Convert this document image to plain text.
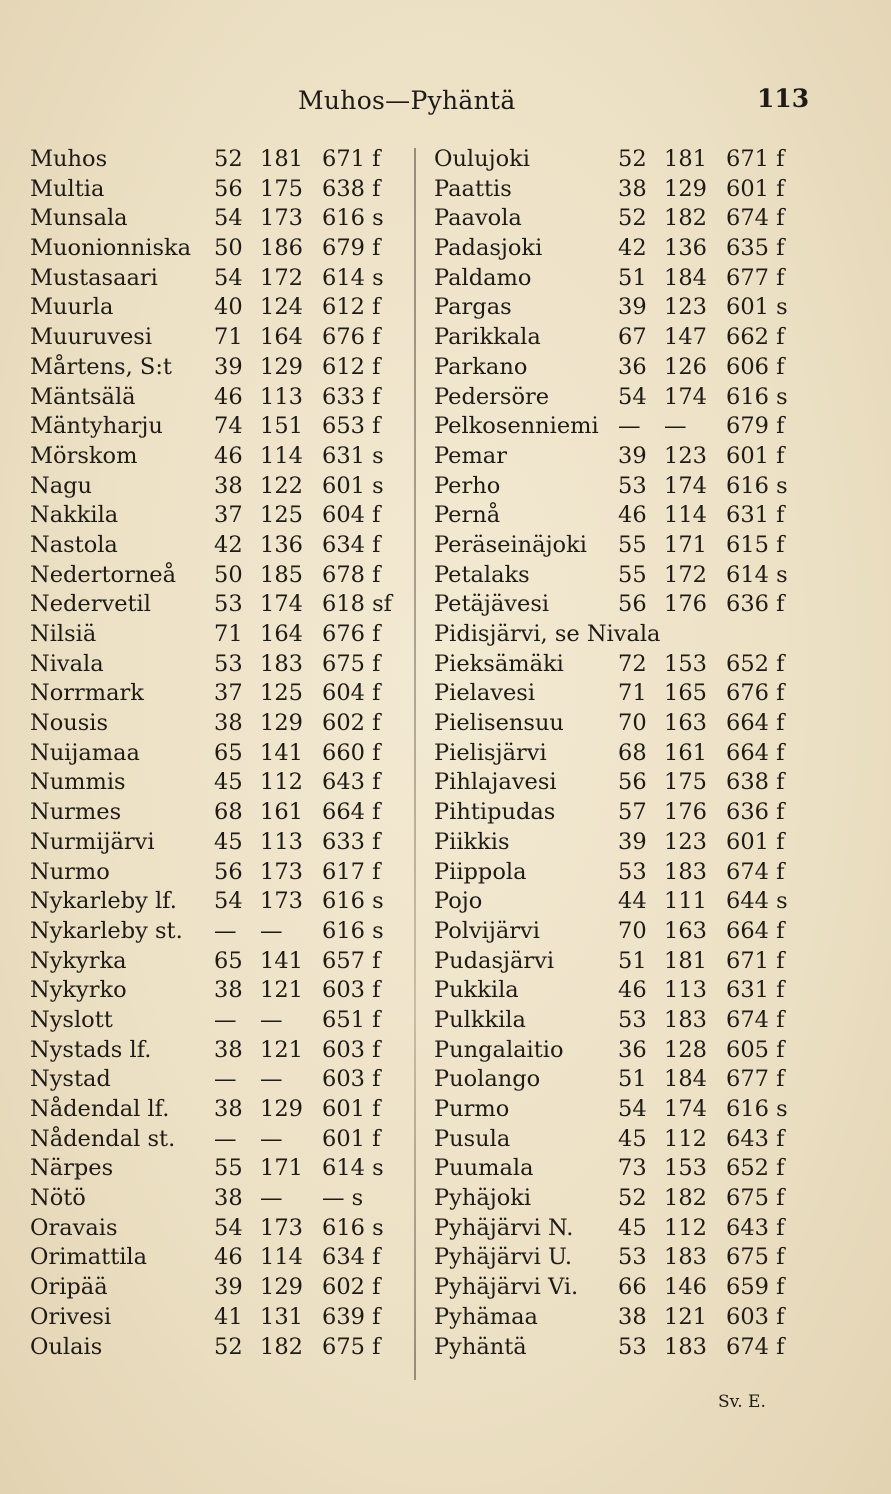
Muhos—Pyhäntä	113
Muhos	52 181 671 f
Multia	56 175 638 f
Munsala	54 173 616 s
Muonionniska 50 186 679 f
Mustasaari 54 172 614 s
Muurla	40 124 612 f
Muuruvesi	71 164 676 f
Mårtens, S:t 39 129 612 f
Mäntsälä	46 113 633 f
Mäntyharju 74 151 653 f
Mörskom	46 114 631 s
Nagu	38 122 601 s
Nakkila	37 125 604 f
Nastola	42 136 634 f
Nedertorneå 50 185 678 f
Nedervetil	53 174 618 sf
Nilsiä	71 164 676 f
Nivala	53 183 675 f
Norrmark	37 125 604 f
Nousis	38 129 602 f
Nuijamaa	65 141 660 f
Nummis	45 112 643 f
Nurmes	68 161 664 f
Nurmijärvi	45 113 633 f
Nurmo	56 173 617 f
Nykarleby lf. 54 173 616 s
Nykarleby st. — — 616 s
Nykyrka	65 141 657 f
Nykyrko	38 121 603 f
Nyslott	— — 651 f
Nystads lf.	38 121 603 f
Nystad	— — 603 f
Nådendal lf. 38 129 601 f
Nådendal st. — — 601 f
Närpes	55 171 614 s
Nötö	38 — — s
Oravais	54 173 616 s
Orimattila	46 114 634 f
Oripää	39 129 602 f
Orivesi	41 131 639 f
Oulais	52 182 675 f
Oulujoki	52 181 671 f
Paattis	38 129 601 f
Paavola	52 182 674 f
Padasjoki	42 136 635 f
Paldamo	51 184 677 f
Pargas	39 123 601 s
Parikkala	67 147 662 f
Parkano	36 126 606 f
Pedersöre	54 174 616 s
Pelkosenniemi — — 679 f
Pemar	39 123 601 f
Perho	53 174 616 s
Pernå	46 114 631 f
Peräseinäjoki 55 171 615 f
Petalaks	55 172 614 s
Petäjävesi	56 176 636 f
Pidisjärvi, se Nivala
Pieksämäki 72 153 652 f
Pielavesi	71 165 676 f
Pielisensuu 70 163 664 f
Pielisjärvi	68 161 664 f
Pihlajavesi	56 175 638 f
Pihtipudas	57 176 636 f
Piikkis	39 123 601 f
Piippola	53 183 674 f
Pojo	44 111 644 s
Polvijärvi	70 163 664 f
Pudasjärvi	51 181 671 f
Pukkila	46 113 631 f
Pulkkila	53 183 674 f
Pungalaitio 36 128 605 f
Puolango	51 184 677 f
Purmo	54 174 616 s
Pusula	45 112 643 f
Puumala	73 153 652 f
Pyhäjoki	52 182 675 f
Pyhäjärvi N. 45 112 643 f
Pyhäjärvi U. 53 183 675 f
Pyhäjärvi Vi. 66 146 659 f
Pyhämaa	38 121 603 f
Pyhäntä	53 183 674 f
Sv. E.
